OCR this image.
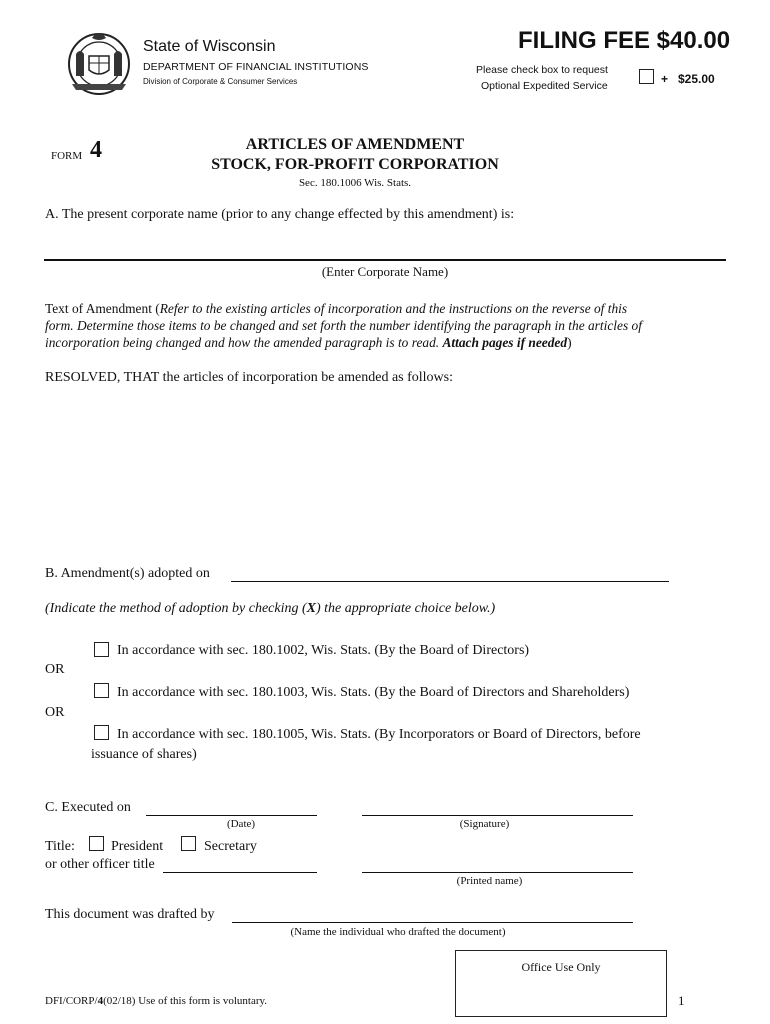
State of Wisconsin
DEPARTMENT OF FINANCIAL INSTITUTIONS
Division of Corporate & Consumer Services
FILING FEE $40.00
Please check box to request
Optional Expedited Service	+   $25.00
FORM 4	ARTICLES OF AMENDMENT
STOCK, FOR-PROFIT CORPORATION
Sec. 180.1006 Wis. Stats.
A. The present corporate name (prior to any change effected by this amendment) is:
(Enter Corporate Name)
Text of Amendment (Refer to the existing articles of incorporation and the instructions on the reverse of this
form. Determine those items to be changed and set forth the number identifying the paragraph in the articles of
incorporation being changed and how the amended paragraph is to read. Attach pages if needed)
RESOLVED, THAT the articles of incorporation be amended as follows:
B. Amendment(s) adopted on
(Indicate the method of adoption by checking (X) the appropriate choice below.)
In accordance with sec. 180.1002, Wis. Stats. (By the Board of Directors)
OR
In accordance with sec. 180.1003, Wis. Stats. (By the Board of Directors and Shareholders)
OR
In accordance with sec. 180.1005, Wis. Stats. (By Incorporators or Board of Directors, before
issuance of shares)
C. Executed on
(Date)	(Signature)
Title:	President	Secretary
or other officer title
(Printed name)
This document was drafted by
(Name the individual who drafted the document)
Office Use Only
DFI/CORP/4(02/18) Use of this form is voluntary.	1
